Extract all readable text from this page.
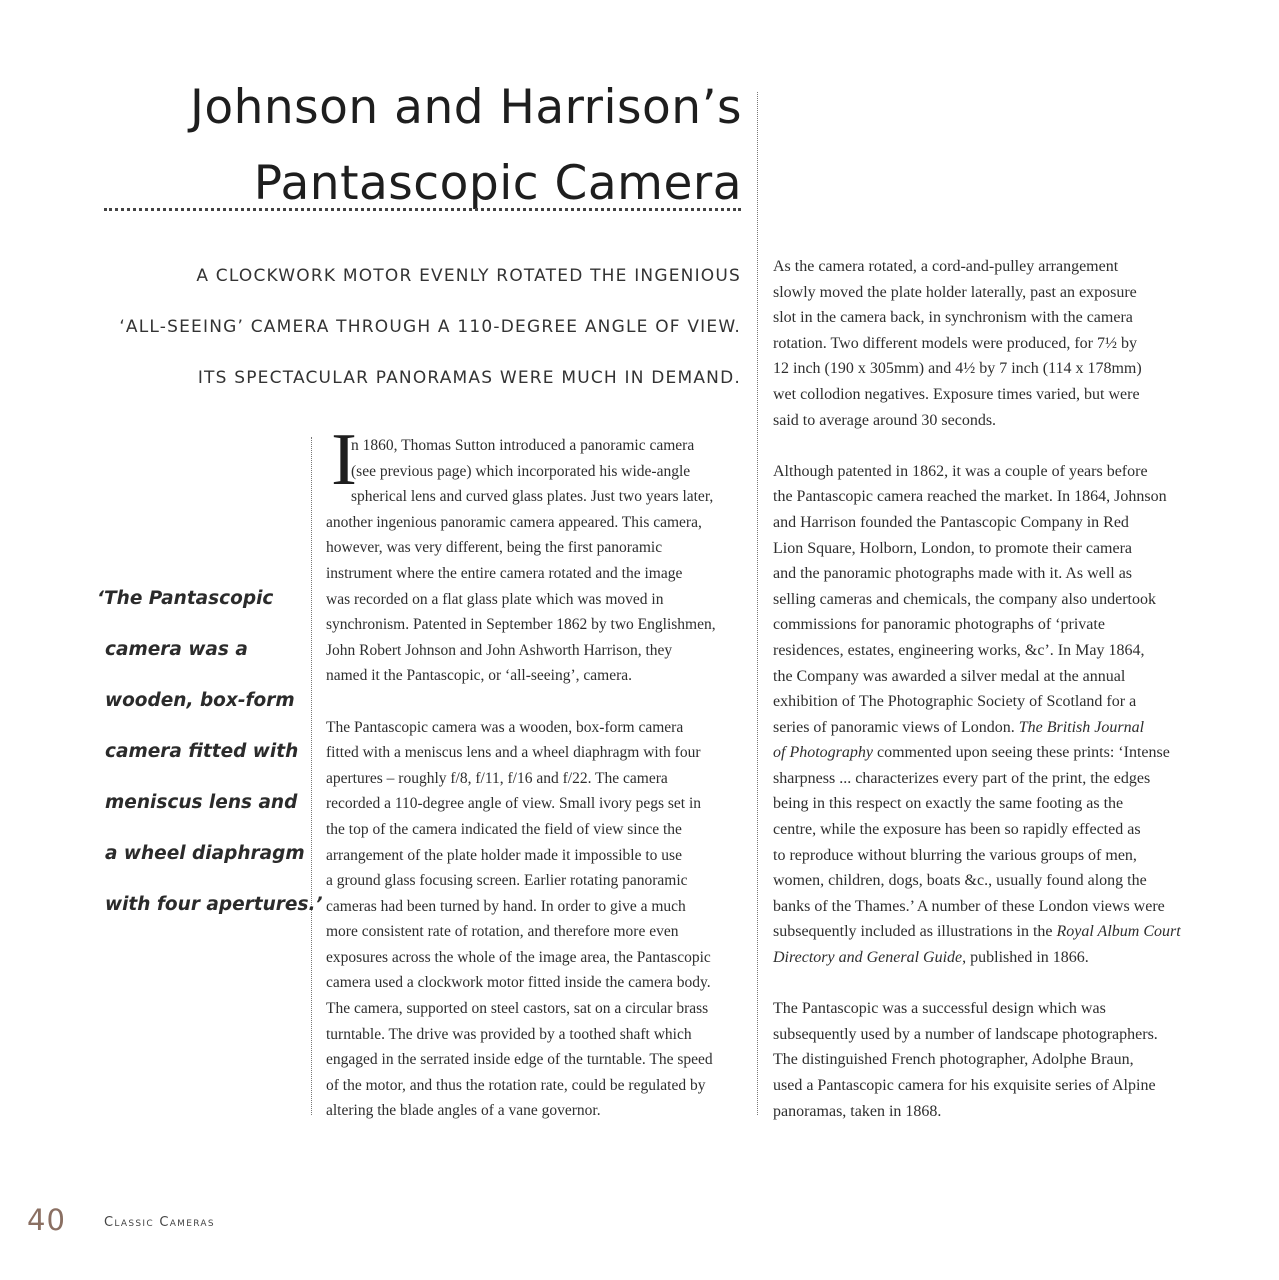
Johnson and Harrison’s
Pantascopic Camera
A CLOCKWORK MOTOR EVENLY ROTATED THE INGENIOUS
‘ALL-SEEING’ CAMERA THROUGH A 110-DEGREE ANGLE OF VIEW.
ITS SPECTACULAR PANORAMAS WERE MUCH IN DEMAND.
‘The Pantascopic
camera was a
wooden, box-form
camera fitted with
meniscus lens and
a wheel diaphragm
with four apertures.’
I

n 1860, Thomas Sutton introduced a panoramic camera
(see previous page) which incorporated his wide-angle
spherical lens and curved glass plates. Just two years later,
another ingenious panoramic camera appeared. This camera,
however, was very different, being the first panoramic
instrument where the entire camera rotated and the image
was recorded on a flat glass plate which was moved in
synchronism. Patented in September 1862 by two Englishmen,
John Robert Johnson and John Ashworth Harrison, they
named it the Pantascopic, or ‘all-seeing’, camera.

The Pantascopic camera was a wooden, box-form camera
fitted with a meniscus lens and a wheel diaphragm with four
apertures – roughly f/8, f/11, f/16 and f/22. The camera
recorded a 110-degree angle of view. Small ivory pegs set in
the top of the camera indicated the field of view since the
arrangement of the plate holder made it impossible to use
a ground glass focusing screen. Earlier rotating panoramic
cameras had been turned by hand. In order to give a much
more consistent rate of rotation, and therefore more even
exposures across the whole of the image area, the Pantascopic
camera used a clockwork motor fitted inside the camera body.
The camera, supported on steel castors, sat on a circular brass
turntable. The drive was provided by a toothed shaft which
engaged in the serrated inside edge of the turntable. The speed
of the motor, and thus the rotation rate, could be regulated by
altering the blade angles of a vane governor.

As the camera rotated, a cord-and-pulley arrangement
slowly moved the plate holder laterally, past an exposure
slot in the camera back, in synchronism with the camera
rotation. Two different models were produced, for 7½ by
12 inch (190 x 305mm) and 4½ by 7 inch (114 x 178mm)
wet collodion negatives. Exposure times varied, but were
said to average around 30 seconds.

Although patented in 1862, it was a couple of years before
the Pantascopic camera reached the market. In 1864, Johnson
and Harrison founded the Pantascopic Company in Red
Lion Square, Holborn, London, to promote their camera
and the panoramic photographs made with it. As well as
selling cameras and chemicals, the company also undertook
commissions for panoramic photographs of ‘private
residences, estates, engineering works, &c’. In May 1864,
the Company was awarded a silver medal at the annual
exhibition of The Photographic Society of Scotland for a
series of panoramic views of London. The British Journal
of Photography commented upon seeing these prints: ‘Intense
sharpness ... characterizes every part of the print, the edges
being in this respect on exactly the same footing as the
centre, while the exposure has been so rapidly effected as
to reproduce without blurring the various groups of men,
women, children, dogs, boats &c., usually found along the
banks of the Thames.’ A number of these London views were
subsequently included as illustrations in the Royal Album Court
Directory and General Guide, published in 1866.

The Pantascopic was a successful design which was
subsequently used by a number of landscape photographers.
The distinguished French photographer, Adolphe Braun,
used a Pantascopic camera for his exquisite series of Alpine
panoramas, taken in 1868.

40	Classic Cameras
